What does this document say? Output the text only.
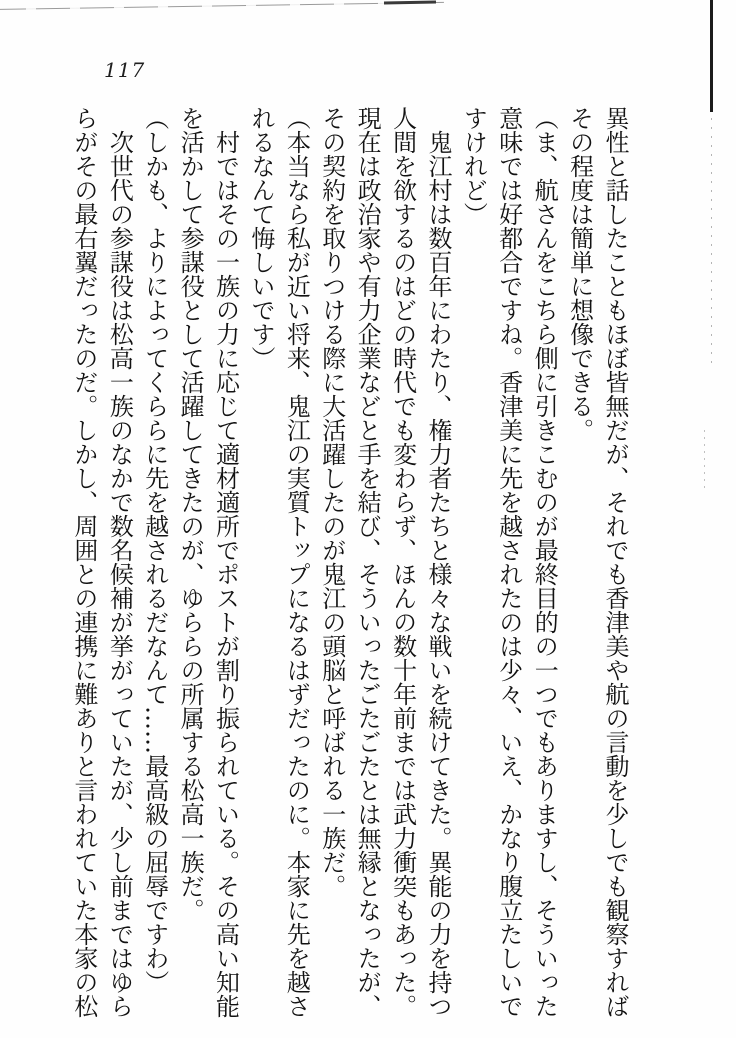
117

異性と話したこともほぼ皆無だが、それでも香津美や航の言動を少しでも観察すれば

その程度は簡単に想像できる。

（ま、航さんをこちら側に引きこむのが最終目的の一つでもありますし、そういった

意味では好都合ですね。香津美に先を越されたのは少々、いえ、かなり腹立たしいで

すけれど）

　鬼江村は数百年にわたり、権力者たちと様々な戦いを続けてきた。異能の力を持つ

人間を欲するのはどの時代でも変わらず、ほんの数十年前までは武力衝突もあった。

現在は政治家や有力企業などと手を結び、そういったごたごたとは無縁となったが、

その契約を取りつける際に大活躍したのが鬼江の頭脳と呼ばれる一族だ。

（本当なら私が近い将来、鬼江の実質トップになるはずだったのに。本家に先を越さ

れるなんて悔しいです）

　村ではその一族の力に応じて適材適所でポストが割り振られている。その高い知能

を活かして参謀役として活躍してきたのが、ゆららの所属する松高一族だ。

（しかも、よりによってくららに先を越されるだなんて……最高級の屈辱ですわ）

　次世代の参謀役は松高一族のなかで数名候補が挙がっていたが、少し前まではゆら

らがその最右翼だったのだ。しかし、周囲との連携に難ありと言われていた本家の松
